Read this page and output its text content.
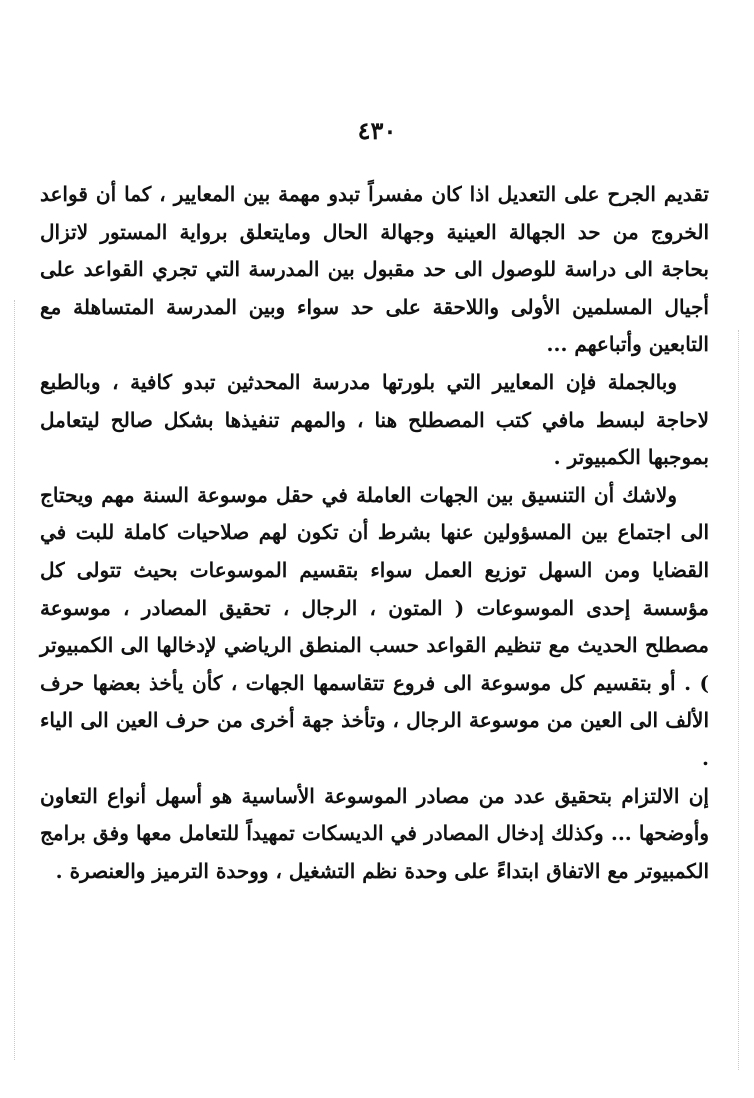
٤٣٠

تقديم الجرح على التعديل اذا كان مفسراً تبدو مهمة بين المعايير ، كما أن قواعد الخروج من حد الجهالة العينية وجهالة الحال ومايتعلق برواية المستور لاتزال بحاجة الى دراسة للوصول الى حد مقبول بين المدرسة التي تجري القواعد على أجيال المسلمين الأولى واللاحقة على حد سواء وبين المدرسة المتساهلة مع التابعين وأتباعهم ...

وبالجملة فإن المعايير التي بلورتها مدرسة المحدثين تبدو كافية ، وبالطبع لاحاجة لبسط مافي كتب المصطلح هنا ، والمهم تنفيذها بشكل صالح ليتعامل بموجبها الكمبيوتر .

ولاشك أن التنسيق بين الجهات العاملة في حقل موسوعة السنة مهم ويحتاج الى اجتماع بين المسؤولين عنها بشرط أن تكون لهم صلاحيات كاملة للبت في القضايا ومن السهل توزيع العمل سواء بتقسيم الموسوعات بحيث تتولى كل مؤسسة إحدى الموسوعات ( المتون ، الرجال ، تحقيق المصادر ، موسوعة مصطلح الحديث مع تنظيم القواعد حسب المنطق الرياضي لإدخالها الى الكمبيوتر ) . أو بتقسيم كل موسوعة الى فروع تتقاسمها الجهات ، كأن يأخذ بعضها حرف الألف الى العين من موسوعة الرجال ، وتأخذ جهة أخرى من حرف العين الى الياء .

إن الالتزام بتحقيق عدد من مصادر الموسوعة الأساسية هو أسهل أنواع التعاون وأوضحها ... وكذلك إدخال المصادر في الديسكات تمهيداً للتعامل معها وفق برامج الكمبيوتر مع الاتفاق ابتداءً على وحدة نظم التشغيل ، ووحدة الترميز والعنصرة .
